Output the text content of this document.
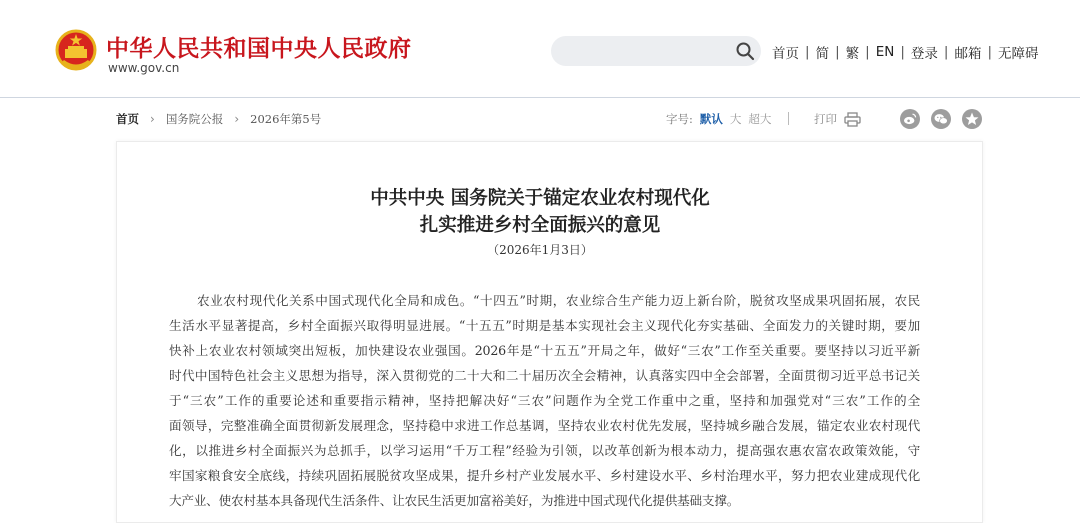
中华人民共和国中央人民政府
www.gov.cn
首页 | 简 | 繁 | EN | 登录 | 邮箱 | 无障碍
首页 › 国务院公报 › 2026年第5号	字号: 默认 大 超大	打印
中共中央 国务院关于锚定农业农村现代化
扎实推进乡村全面振兴的意见
（2026年1月3日）
农业农村现代化关系中国式现代化全局和成色。“十四五”时期，农业综合生产能力迈上新台阶，脱贫攻坚成果巩固拓展，农民
生活水平显著提高，乡村全面振兴取得明显进展。“十五五”时期是基本实现社会主义现代化夯实基础、全面发力的关键时期，要加
快补上农业农村领域突出短板，加快建设农业强国。2026年是“十五五”开局之年，做好“三农”工作至关重要。要坚持以习近平新
时代中国特色社会主义思想为指导，深入贯彻党的二十大和二十届历次全会精神，认真落实四中全会部署，全面贯彻习近平总书记关
于“三农”工作的重要论述和重要指示精神，坚持把解决好“三农”问题作为全党工作重中之重，坚持和加强党对“三农”工作的全
面领导，完整准确全面贯彻新发展理念，坚持稳中求进工作总基调，坚持农业农村优先发展，坚持城乡融合发展，锚定农业农村现代
化，以推进乡村全面振兴为总抓手，以学习运用“千万工程”经验为引领，以改革创新为根本动力，提高强农惠农富农政策效能，守
牢国家粮食安全底线，持续巩固拓展脱贫攻坚成果，提升乡村产业发展水平、乡村建设水平、乡村治理水平，努力把农业建成现代化
大产业、使农村基本具备现代生活条件、让农民生活更加富裕美好，为推进中国式现代化提供基础支撑。
